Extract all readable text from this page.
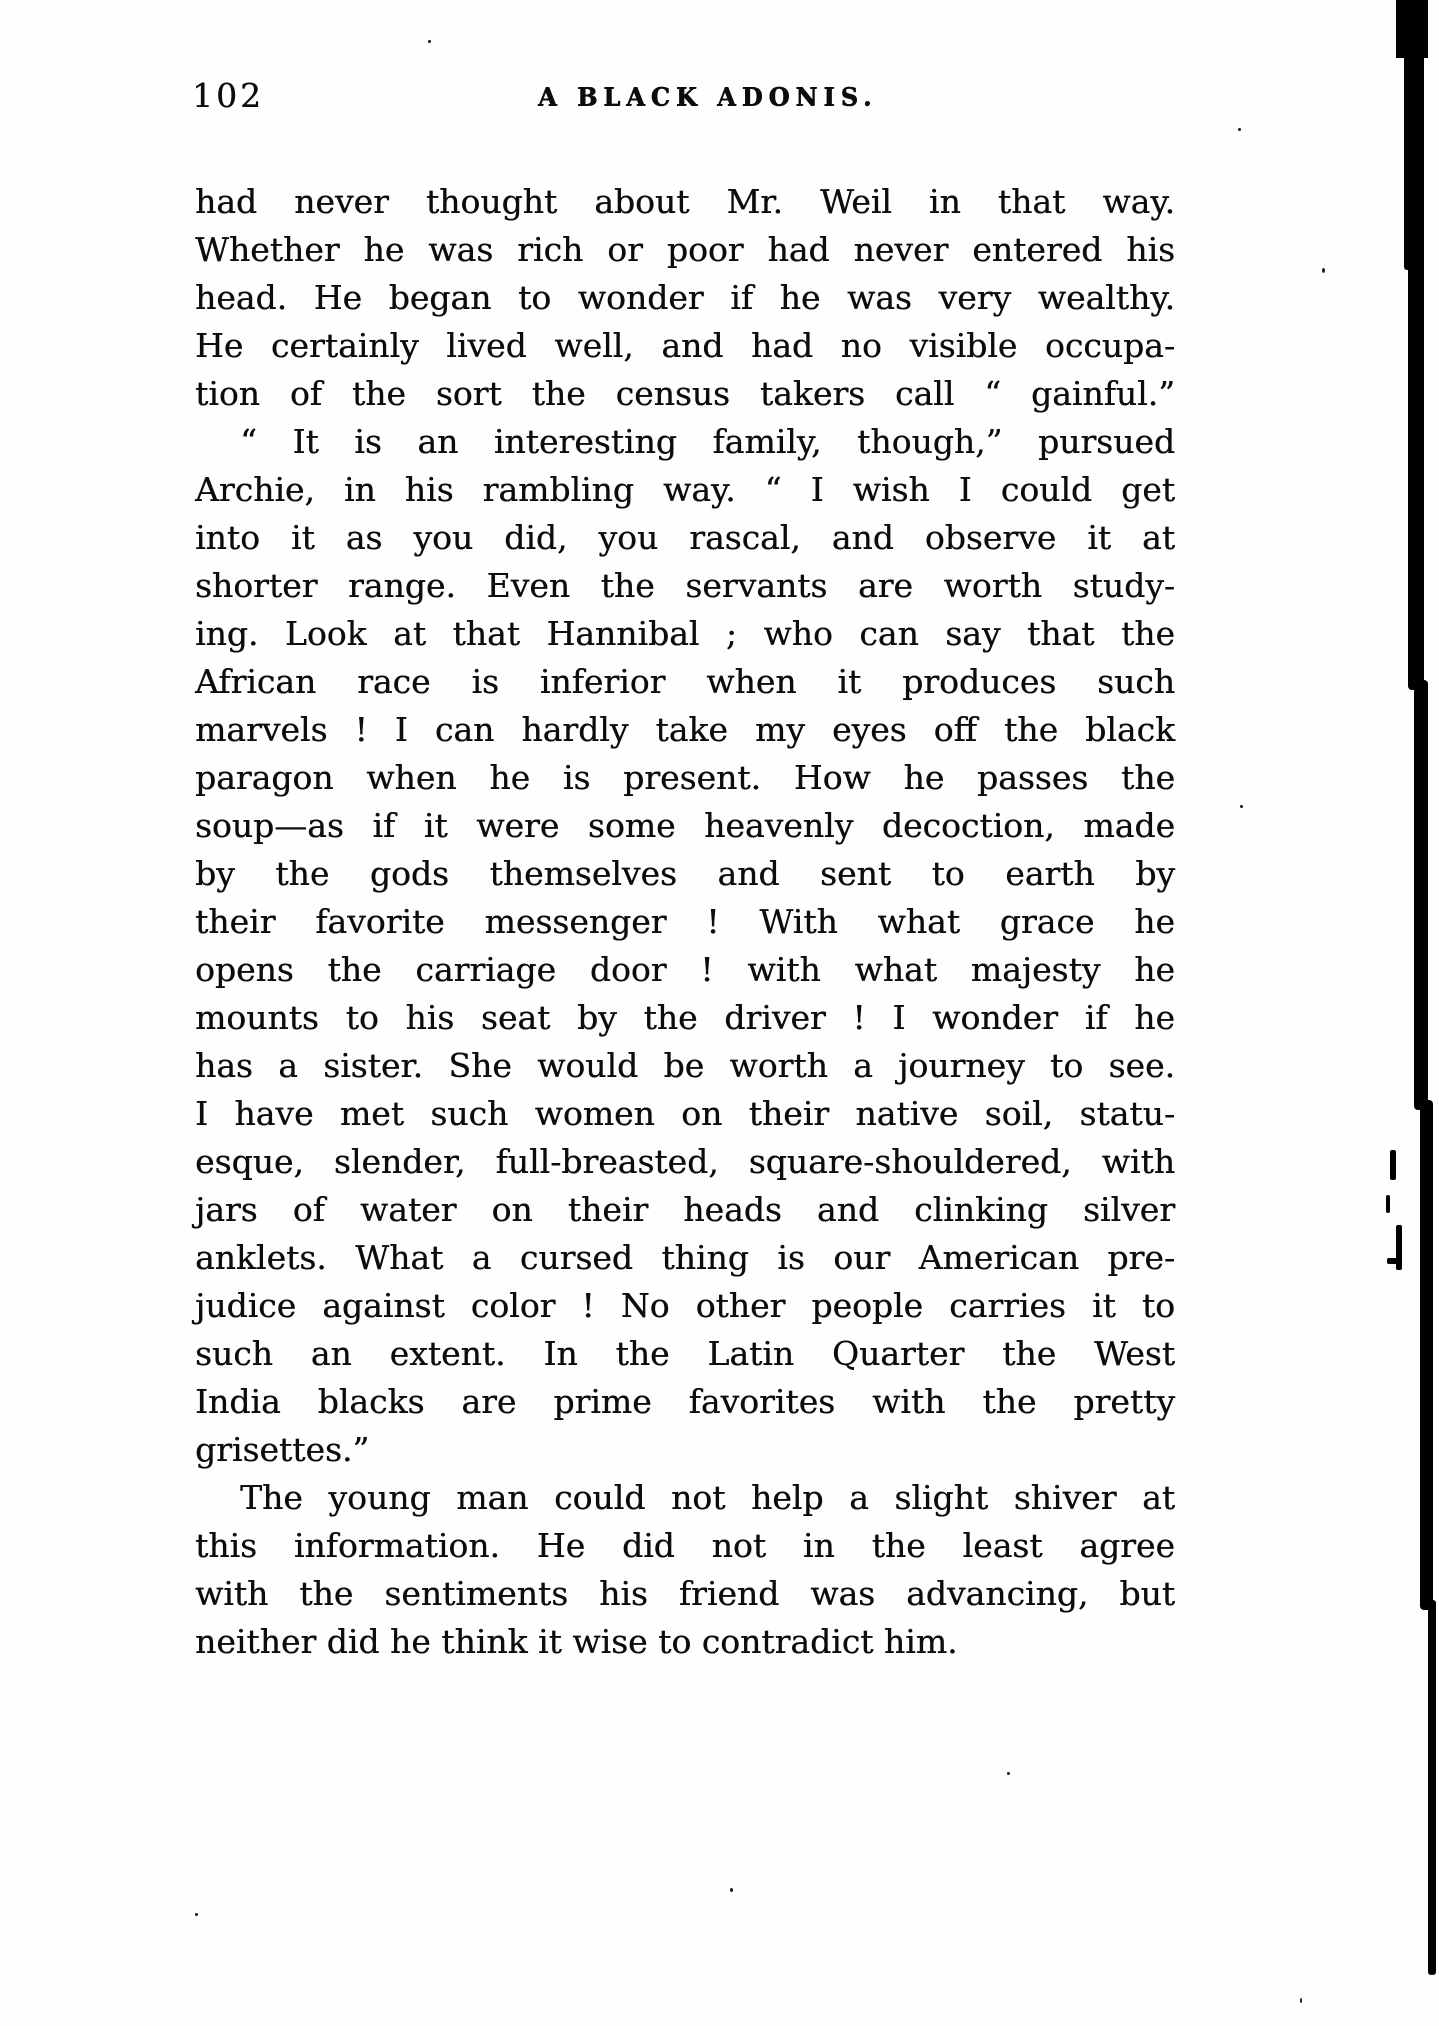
102	A BLACK ADONIS.
had never thought about Mr. Weil in that way.
Whether he was rich or poor had never entered his
head. He began to wonder if he was very wealthy.
He certainly lived well, and had no visible occupa-
tion of the sort the census takers call “ gainful.”
“ It is an interesting family, though,” pursued
Archie, in his rambling way. “ I wish I could get
into it as you did, you rascal, and observe it at
shorter range. Even the servants are worth study-
ing. Look at that Hannibal ; who can say that the
African race is inferior when it produces such
marvels ! I can hardly take my eyes off the black
paragon when he is present. How he passes the
soup—as if it were some heavenly decoction, made
by the gods themselves and sent to earth by
their favorite messenger ! With what grace he
opens the carriage door ! with what majesty he
mounts to his seat by the driver ! I wonder if he
has a sister. She would be worth a journey to see.
I have met such women on their native soil, statu-
esque, slender, full-breasted, square-shouldered, with
jars of water on their heads and clinking silver
anklets. What a cursed thing is our American pre-
judice against color ! No other people carries it to
such an extent. In the Latin Quarter the West
India blacks are prime favorites with the pretty
grisettes.”
The young man could not help a slight shiver at
this information. He did not in the least agree
with the sentiments his friend was advancing, but
neither did he think it wise to contradict him.
